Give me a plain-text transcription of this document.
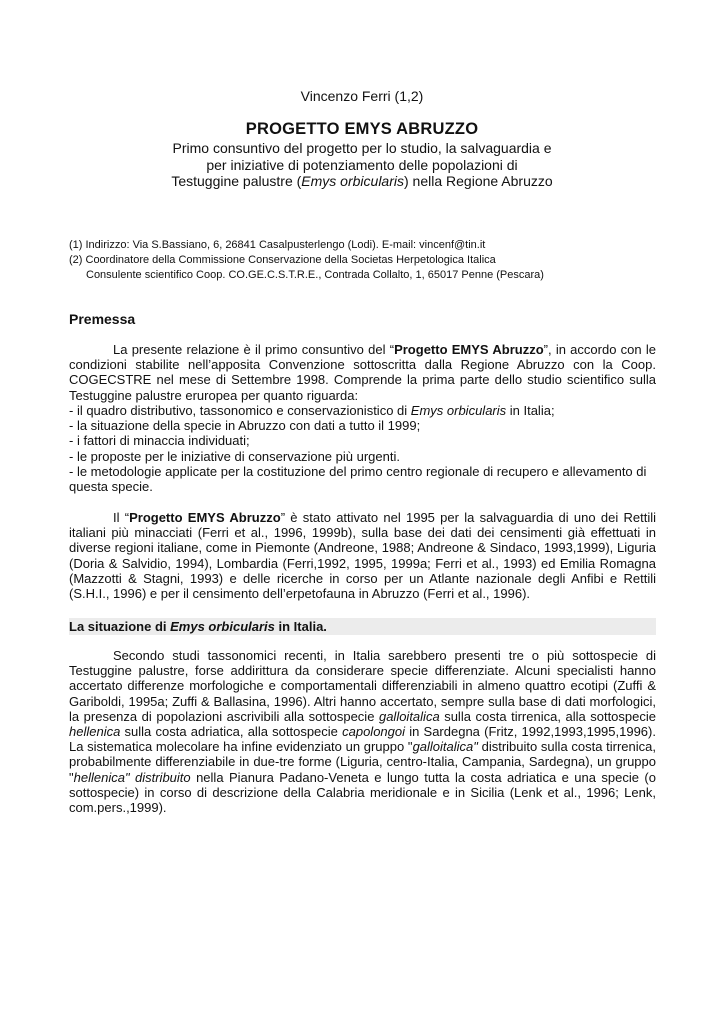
Vincenzo Ferri (1,2)
PROGETTO EMYS ABRUZZO
Primo consuntivo del progetto per lo studio, la salvaguardia e
per iniziative di potenziamento delle popolazioni di
Testuggine palustre (Emys orbicularis) nella Regione Abruzzo
(1) Indirizzo: Via S.Bassiano, 6, 26841 Casalpusterlengo (Lodi). E-mail: vincenf@tin.it
(2) Coordinatore della Commissione Conservazione della Societas Herpetologica Italica
Consulente scientifico Coop. CO.GE.C.S.T.R.E., Contrada Collalto, 1, 65017 Penne (Pescara)
Premessa
La presente relazione è il primo consuntivo del “Progetto EMYS Abruzzo”, in accordo con le condizioni stabilite nell’apposita Convenzione sottoscritta dalla Regione Abruzzo con la Coop. COGECSTRE nel mese di Settembre 1998. Comprende la prima parte dello studio scientifico sulla Testuggine palustre eruropea per quanto riguarda:
- il quadro distributivo, tassonomico e conservazionistico di Emys orbicularis in Italia;
- la situazione della specie in Abruzzo con dati a tutto il 1999;
- i fattori di minaccia individuati;
- le proposte per le iniziative di conservazione più urgenti.
- le metodologie applicate per la costituzione del primo centro regionale di recupero e allevamento di questa specie.
Il “Progetto EMYS Abruzzo” è stato attivato nel 1995 per la salvaguardia di uno dei Rettili italiani più minacciati (Ferri et al., 1996, 1999b), sulla base dei dati dei censimenti già effettuati in diverse regioni italiane, come in Piemonte (Andreone, 1988; Andreone & Sindaco, 1993,1999), Liguria (Doria & Salvidio, 1994), Lombardia (Ferri,1992, 1995, 1999a; Ferri et al., 1993) ed Emilia Romagna (Mazzotti & Stagni, 1993) e delle ricerche in corso per un Atlante nazionale degli Anfibi e Rettili (S.H.I., 1996) e per il censimento dell’erpetofauna in Abruzzo (Ferri et al., 1996).
La situazione di Emys orbicularis in Italia.
Secondo studi tassonomici recenti, in Italia sarebbero presenti tre o più sottospecie di Testuggine palustre, forse addirittura da considerare specie differenziate. Alcuni specialisti hanno accertato differenze morfologiche e comportamentali differenziabili in almeno quattro ecotipi (Zuffi & Gariboldi, 1995a; Zuffi & Ballasina, 1996). Altri hanno accertato, sempre sulla base di dati morfologici, la presenza di popolazioni ascrivibili alla sottospecie galloitalica sulla costa tirrenica, alla sottospecie hellenica sulla costa adriatica, alla sottospecie capolongoi in Sardegna (Fritz, 1992,1993,1995,1996). La sistematica molecolare ha infine evidenziato un gruppo "galloitalica" distribuito sulla costa tirrenica, probabilmente differenziabile in due-tre forme (Liguria, centro-Italia, Campania, Sardegna), un gruppo "hellenica" distribuito nella Pianura Padano-Veneta e lungo tutta la costa adriatica e una specie (o sottospecie) in corso di descrizione della Calabria meridionale e in Sicilia (Lenk et al., 1996; Lenk, com.pers.,1999).
